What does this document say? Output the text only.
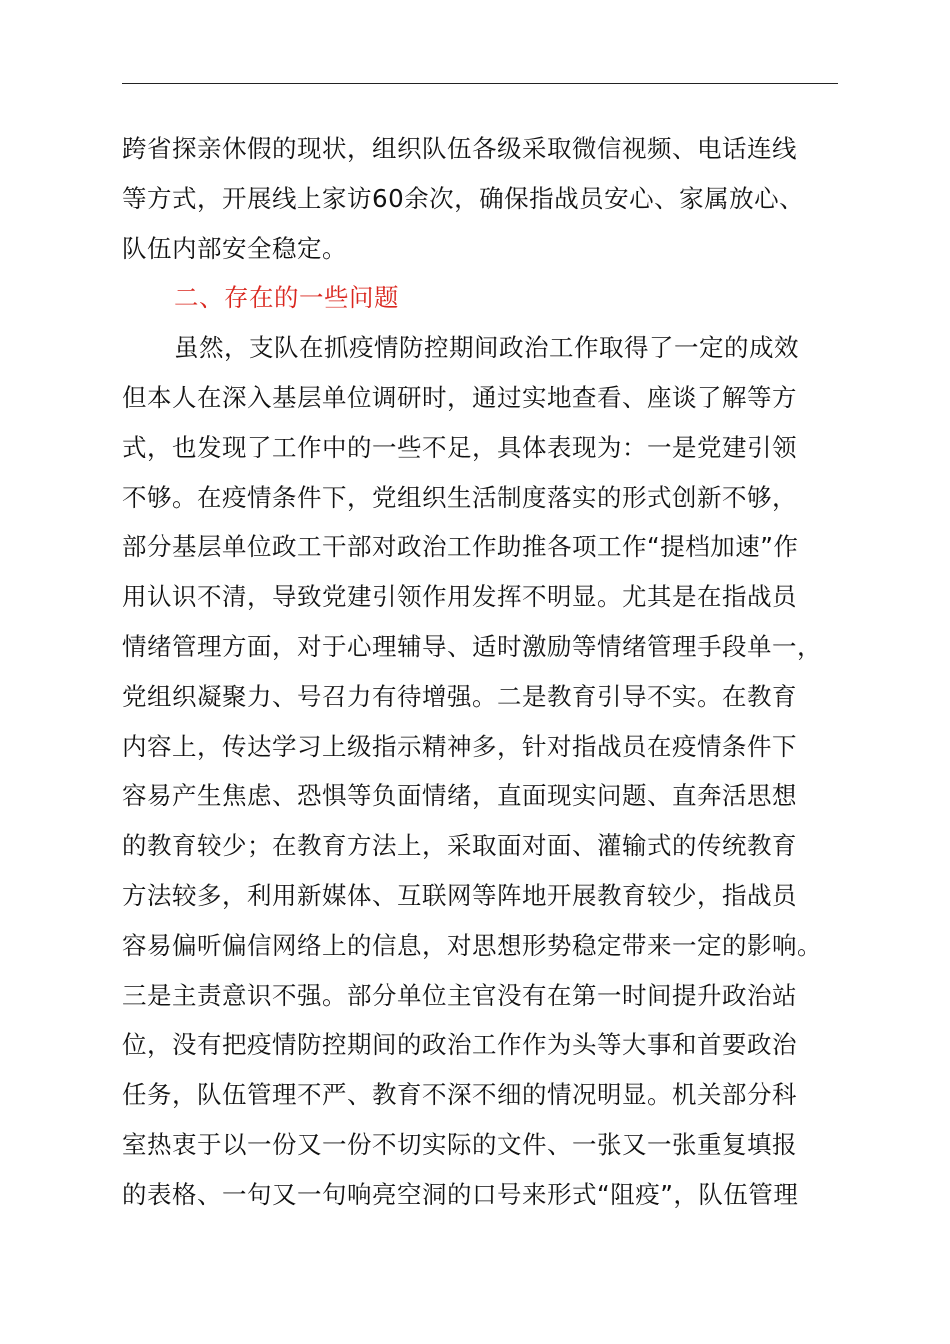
跨省探亲休假的现状，组织队伍各级采取微信视频、电话连线
等方式，开展线上家访60余次，确保指战员安心、家属放心、
队伍内部安全稳定。
二、存在的一些问题
虽然，支队在抓疫情防控期间政治工作取得了一定的成效
但本人在深入基层单位调研时，通过实地查看、座谈了解等方
式，也发现了工作中的一些不足，具体表现为：一是党建引领
不够。在疫情条件下，党组织生活制度落实的形式创新不够，
部分基层单位政工干部对政治工作助推各项工作“提档加速”作
用认识不清，导致党建引领作用发挥不明显。尤其是在指战员
情绪管理方面，对于心理辅导、适时激励等情绪管理手段单一，
党组织凝聚力、号召力有待增强。二是教育引导不实。在教育
内容上，传达学习上级指示精神多，针对指战员在疫情条件下
容易产生焦虑、恐惧等负面情绪，直面现实问题、直奔活思想
的教育较少；在教育方法上，采取面对面、灌输式的传统教育
方法较多，利用新媒体、互联网等阵地开展教育较少，指战员
容易偏听偏信网络上的信息，对思想形势稳定带来一定的影响。
三是主责意识不强。部分单位主官没有在第一时间提升政治站
位，没有把疫情防控期间的政治工作作为头等大事和首要政治
任务，队伍管理不严、教育不深不细的情况明显。机关部分科
室热衷于以一份又一份不切实际的文件、一张又一张重复填报
的表格、一句又一句响亮空洞的口号来形式“阻疫”，队伍管理
